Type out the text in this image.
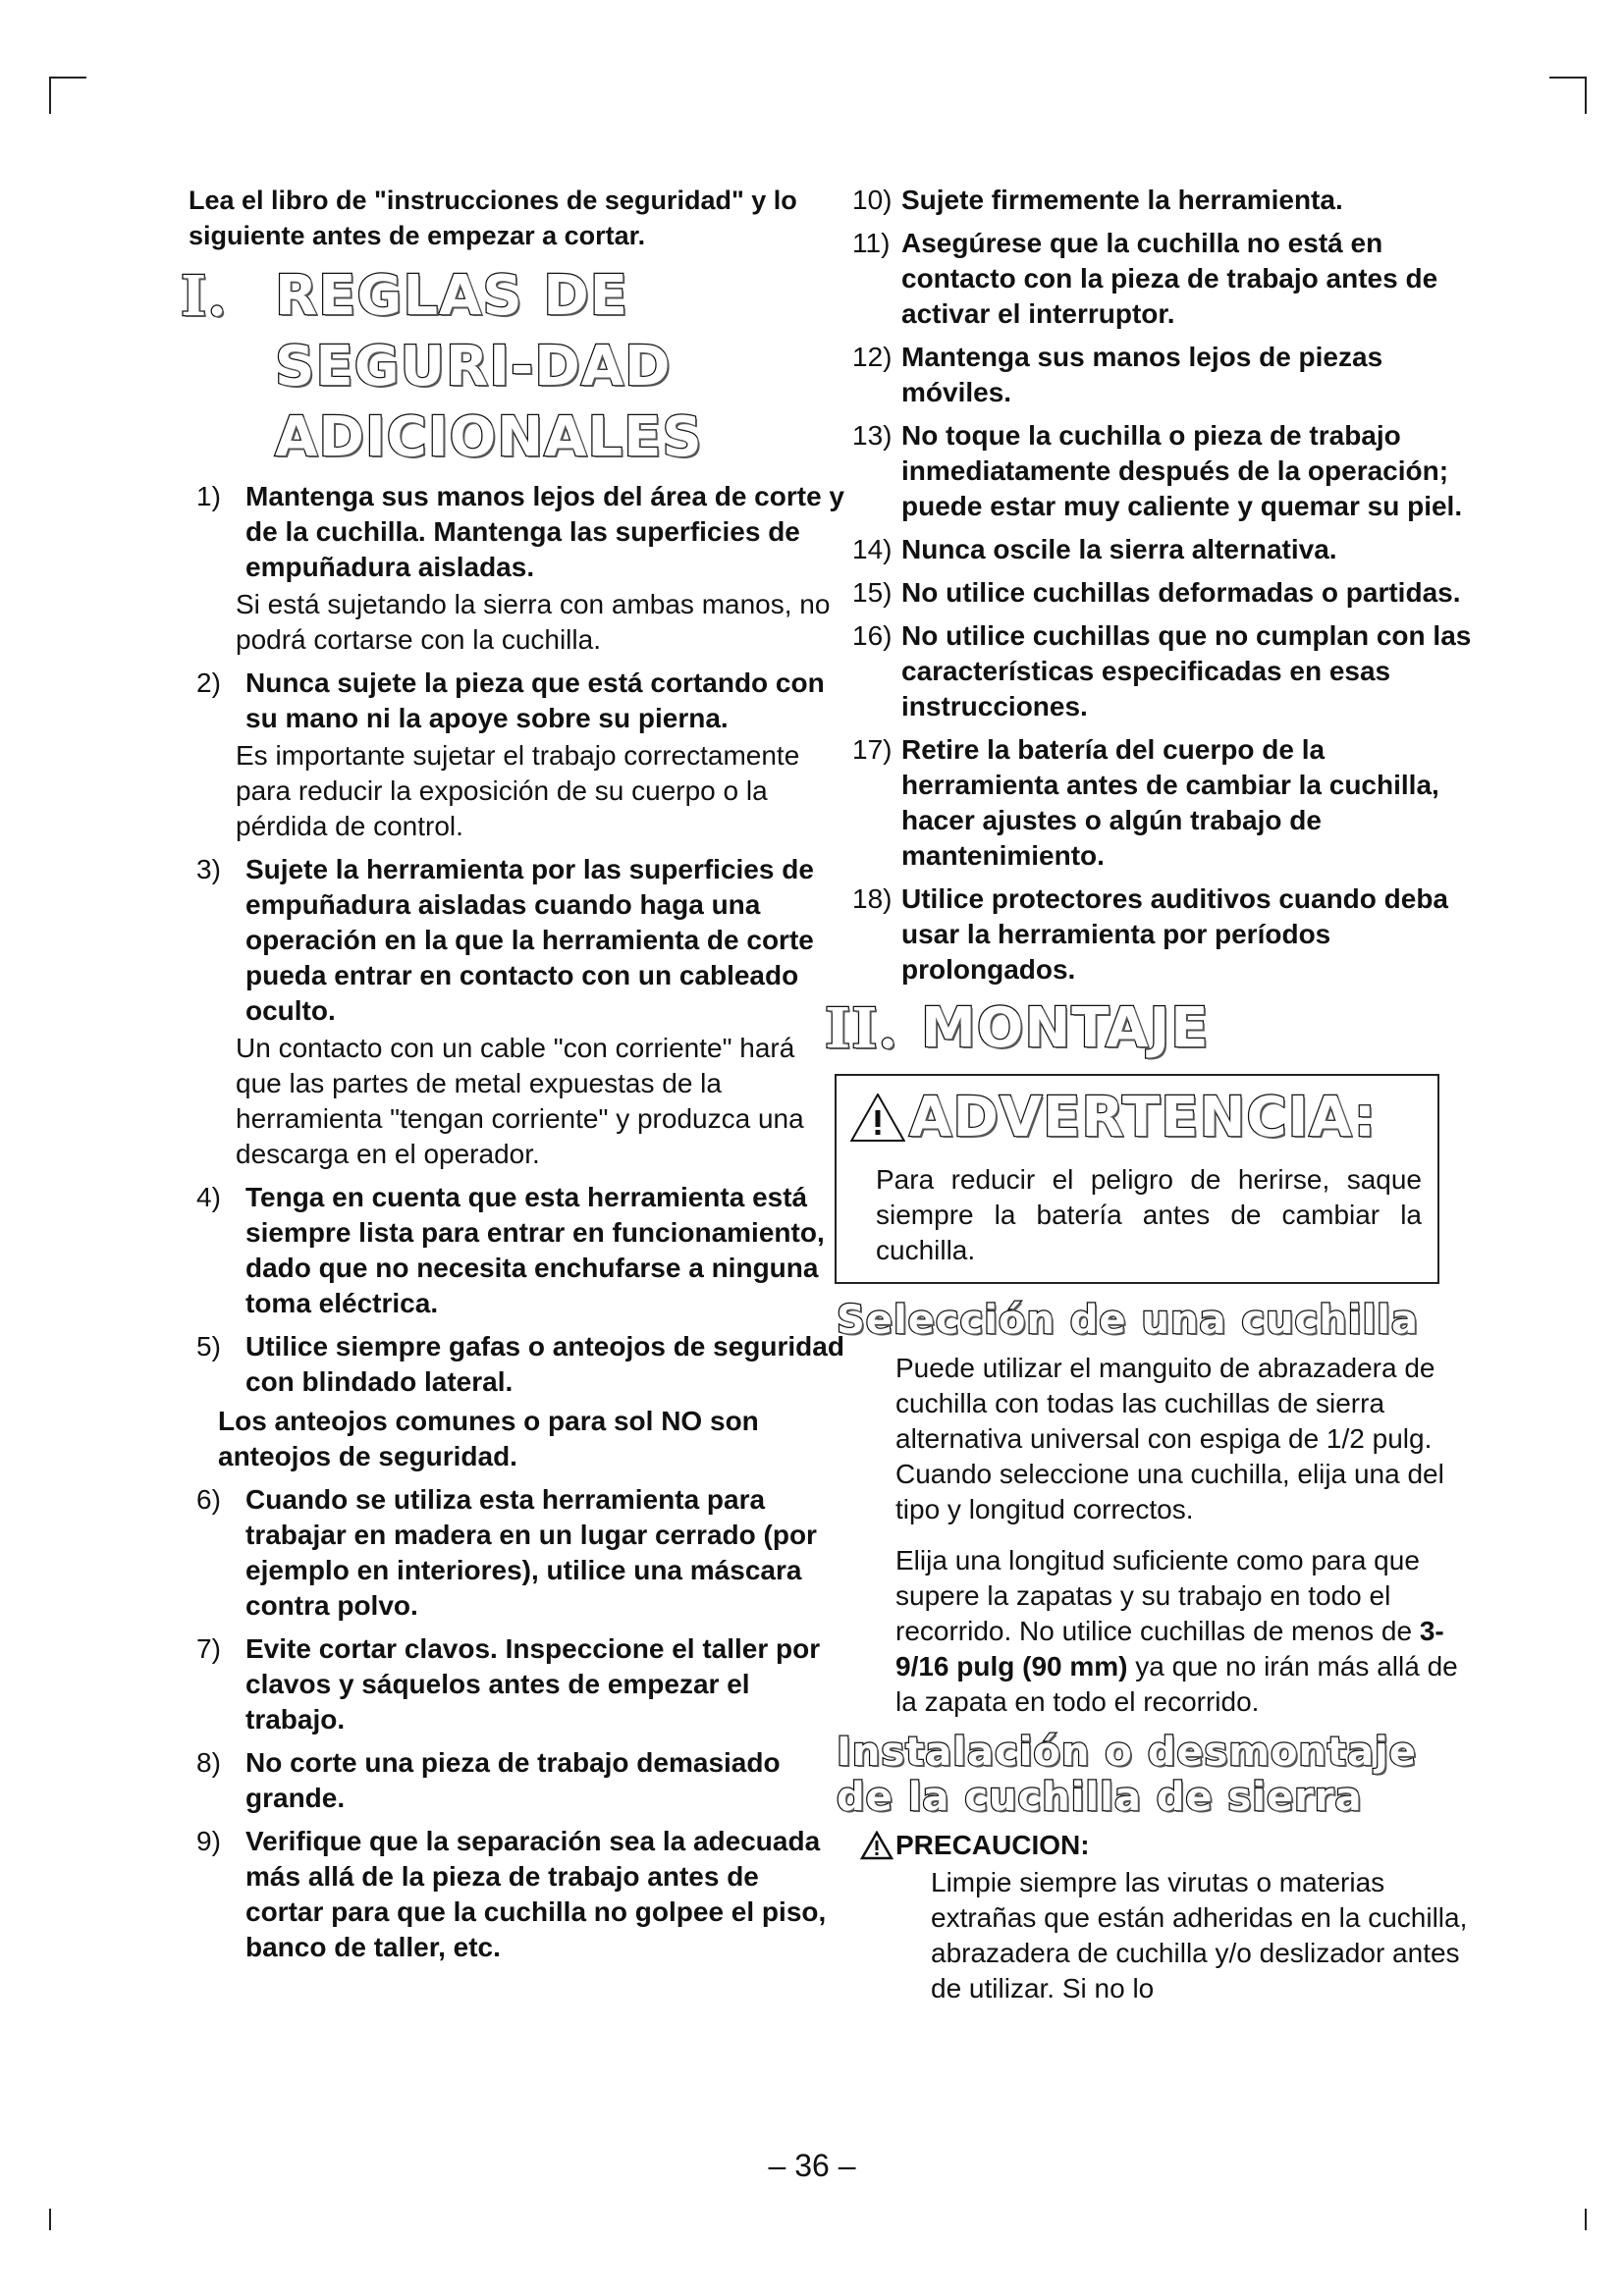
Lea el libro de "instrucciones de seguridad" y lo siguiente antes de empezar a cortar.

I. REGLAS DE SEGURI-DAD ADICIONALES
1) Mantenga sus manos lejos del área de corte y de la cuchilla. Mantenga las superficies de empuñadura aisladas.
Si está sujetando la sierra con ambas manos, no podrá cortarse con la cuchilla.
2) Nunca sujete la pieza que está cortando con su mano ni la apoye sobre su pierna.
Es importante sujetar el trabajo correctamente para reducir la exposición de su cuerpo o la pérdida de control.
3) Sujete la herramienta por las superficies de empuñadura aisladas cuando haga una operación en la que la herramienta de corte pueda entrar en contacto con un cableado oculto.
Un contacto con un cable "con corriente" hará que las partes de metal expuestas de la herramienta "tengan corriente" y produzca una descarga en el operador.
4) Tenga en cuenta que esta herramienta está siempre lista para entrar en funcionamiento, dado que no necesita enchufarse a ninguna toma eléctrica.
5) Utilice siempre gafas o anteojos de seguridad con blindado lateral.
Los anteojos comunes o para sol NO son anteojos de seguridad.
6) Cuando se utiliza esta herramienta para trabajar en madera en un lugar cerrado (por ejemplo en interiores), utilice una máscara contra polvo.
7) Evite cortar clavos. Inspeccione el taller por clavos y sáquelos antes de empezar el trabajo.
8) No corte una pieza de trabajo demasiado grande.
9) Verifique que la separación sea la adecuada más allá de la pieza de trabajo antes de cortar para que la cuchilla no golpee el piso, banco de taller, etc.
10) Sujete firmemente la herramienta.
11) Asegúrese que la cuchilla no está en contacto con la pieza de trabajo antes de activar el interruptor.
12) Mantenga sus manos lejos de piezas móviles.
13) No toque la cuchilla o pieza de trabajo inmediatamente después de la operación; puede estar muy caliente y quemar su piel.
14) Nunca oscile la sierra alternativa.
15) No utilice cuchillas deformadas o partidas.
16) No utilice cuchillas que no cumplan con las características especificadas en esas instrucciones.
17) Retire la batería del cuerpo de la herramienta antes de cambiar la cuchilla, hacer ajustes o algún trabajo de mantenimiento.
18) Utilice protectores auditivos cuando deba usar la herramienta por períodos prolongados.
II. MONTAJE
ADVERTENCIA:
Para reducir el peligro de herirse, saque siempre la batería antes de cambiar la cuchilla.
Selección de una cuchilla

Puede utilizar el manguito de abrazadera de cuchilla con todas las cuchillas de sierra alternativa universal con espiga de 1/2 pulg. Cuando seleccione una cuchilla, elija una del tipo y longitud correctos.

Elija una longitud suficiente como para que supere la zapatas y su trabajo en todo el recorrido. No utilice cuchillas de menos de 3-9/16 pulg (90 mm) ya que no irán más allá de la zapata en todo el recorrido.

Instalación o desmontaje de la cuchilla de sierra
PRECAUCION:
Limpie siempre las virutas o materias extrañas que están adheridas en la cuchilla, abrazadera de cuchilla y/o deslizador antes de utilizar. Si no lo
– 36 –
